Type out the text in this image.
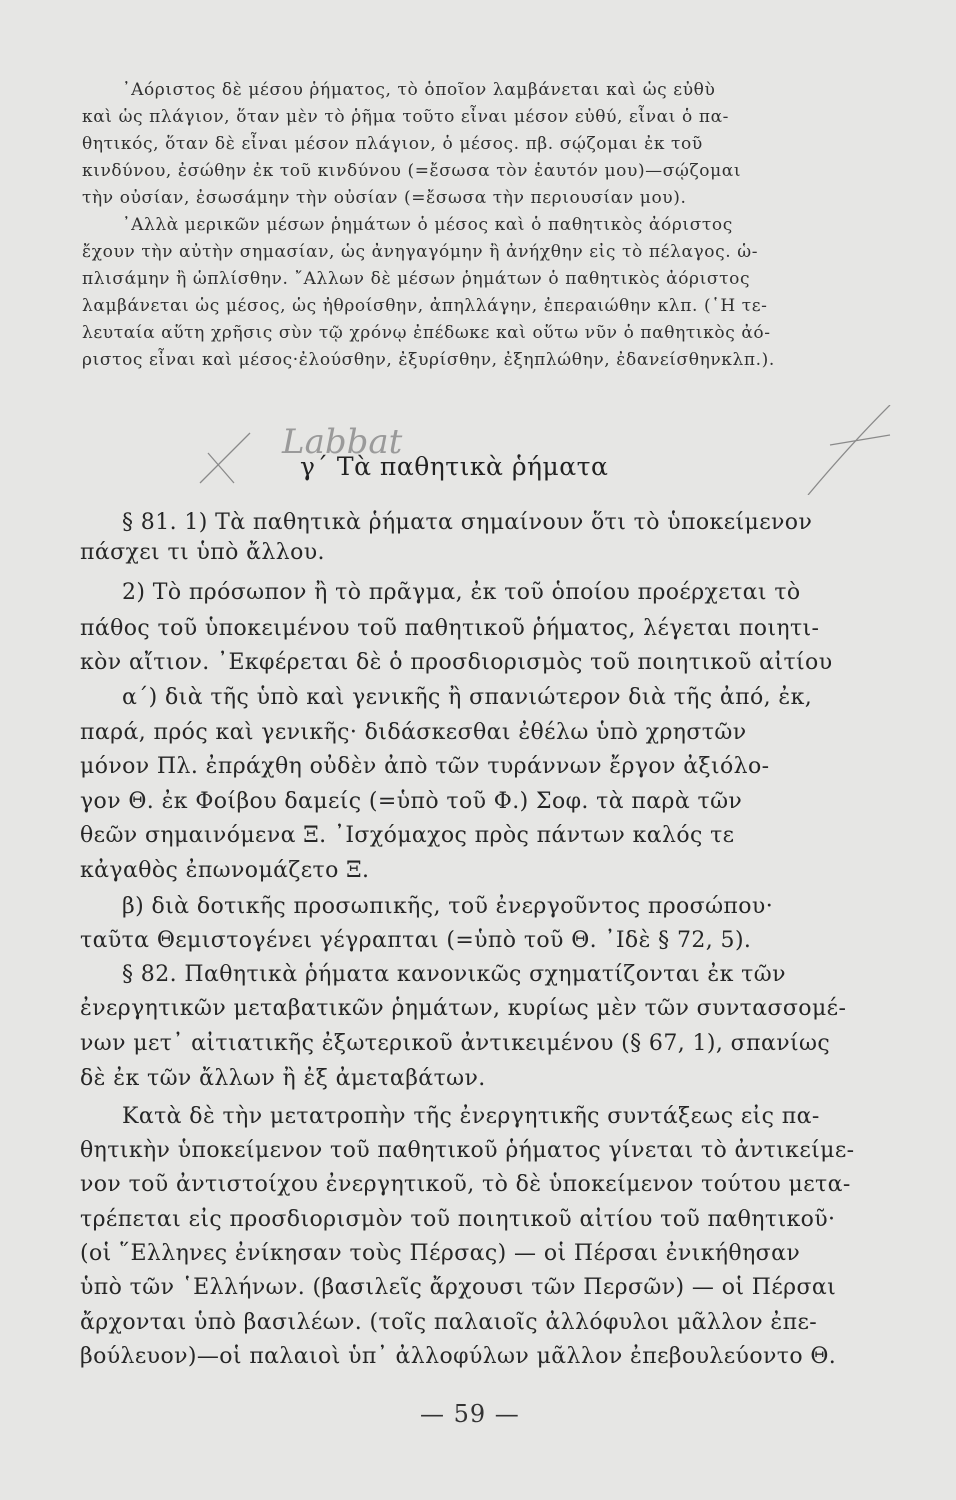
᾿Αόριστος δὲ μέσου ῥήματος, τὸ ὁποῖον λαμβάνεται καὶ ὡς εὐθὺ
καὶ ὡς πλάγιον, ὅταν μὲν τὸ ῥῆμα τοῦτο εἶναι μέσον εὐθύ, εἶναι ὁ πα-
θητικός, ὅταν δὲ εἶναι μέσον πλάγιον, ὁ μέσος. πβ. σῴζομαι ἐκ τοῦ
κινδύνου, ἐσώθην ἐκ τοῦ κινδύνου (=ἔσωσα τὸν ἑαυτόν μου)—σῴζομαι
τὴν οὐσίαν, ἐσωσάμην τὴν οὐσίαν (=ἔσωσα τὴν περιουσίαν μου).
᾿Αλλὰ μερικῶν μέσων ῥημάτων ὁ μέσος καὶ ὁ παθητικὸς ἀόριστος
ἔχουν τὴν αὐτὴν σημασίαν, ὡς ἀνηγαγόμην ἢ ἀνήχθην εἰς τὸ πέλαγος. ὡ-
πλισάμην ἢ ὡπλίσθην. ῎Αλλων δὲ μέσων ῥημάτων ὁ παθητικὸς ἀόριστος
λαμβάνεται ὡς μέσος, ὡς ἠθροίσθην, ἀπηλλάγην, ἐπεραιώθην κλπ. (῾Η τε-
λευταία αὕτη χρῆσις σὺν τῷ χρόνῳ ἐπέδωκε καὶ οὕτω νῦν ὁ παθητικὸς ἀό-
ριστος εἶναι καὶ μέσος·ἐλούσθην, ἐξυρίσθην, ἐξηπλώθην, ἐδανείσθηνκλπ.).
Labbat
γ΄ Τὰ παθητικὰ ῥήματα
§ 81. 1) Τὰ παθητικὰ ῥήματα σημαίνουν ὅτι τὸ ὑποκείμενον
πάσχει τι ὑπὸ ἄλλου.
2) Τὸ πρόσωπον ἢ τὸ πρᾶγμα, ἐκ τοῦ ὁποίου προέρχεται τὸ
πάθος τοῦ ὑποκειμένου τοῦ παθητικοῦ ῥήματος, λέγεται ποιητι-
κὸν αἴτιον. ᾿Εκφέρεται δὲ ὁ προσδιορισμὸς τοῦ ποιητικοῦ αἰτίου
α΄) διὰ τῆς ὑπὸ καὶ γενικῆς ἢ σπανιώτερον διὰ τῆς ἀπό, ἐκ,
παρά, πρός καὶ γενικῆς· διδάσκεσθαι ἐθέλω ὑπὸ χρηστῶν
μόνον Πλ. ἐπράχθη οὐδὲν ἀπὸ τῶν τυράννων ἔργον ἀξιόλο-
γον Θ. ἐκ Φοίβου δαμείς (=ὑπὸ τοῦ Φ.) Σοφ. τὰ παρὰ τῶν
θεῶν σημαινόμενα Ξ. ᾿Ισχόμαχος πρὸς πάντων καλός τε
κἀγαθὸς ἐπωνομάζετο Ξ.
β) διὰ δοτικῆς προσωπικῆς, τοῦ ἐνεργοῦντος προσώπου·
ταῦτα Θεμιστογένει γέγραπται (=ὑπὸ τοῦ Θ. ᾿Ιδὲ § 72, 5).
§ 82. Παθητικὰ ῥήματα κανονικῶς σχηματίζονται ἐκ τῶν
ἐνεργητικῶν μεταβατικῶν ῥημάτων, κυρίως μὲν τῶν συντασσομέ-
νων μετ᾿ αἰτιατικῆς ἐξωτερικοῦ ἀντικειμένου (§ 67, 1), σπανίως
δὲ ἐκ τῶν ἄλλων ἢ ἐξ ἀμεταβάτων.
Κατὰ δὲ τὴν μετατροπὴν τῆς ἐνεργητικῆς συντάξεως εἰς πα-
θητικὴν ὑποκείμενον τοῦ παθητικοῦ ῥήματος γίνεται τὸ ἀντικείμε-
νον τοῦ ἀντιστοίχου ἐνεργητικοῦ, τὸ δὲ ὑποκείμενον τούτου μετα-
τρέπεται εἰς προσδιορισμὸν τοῦ ποιητικοῦ αἰτίου τοῦ παθητικοῦ·
(οἱ ῞Ελληνες ἐνίκησαν τοὺς Πέρσας) — οἱ Πέρσαι ἐνικήθησαν
ὑπὸ τῶν ῾Ελλήνων. (βασιλεῖς ἄρχουσι τῶν Περσῶν) — οἱ Πέρσαι
ἄρχονται ὑπὸ βασιλέων. (τοῖς παλαιοῖς ἀλλόφυλοι μᾶλλον ἐπε-
βούλευον)—οἱ παλαιοὶ ὑπ᾿ ἀλλοφύλων μᾶλλον ἐπεβουλεύοντο Θ.
— 59 —
